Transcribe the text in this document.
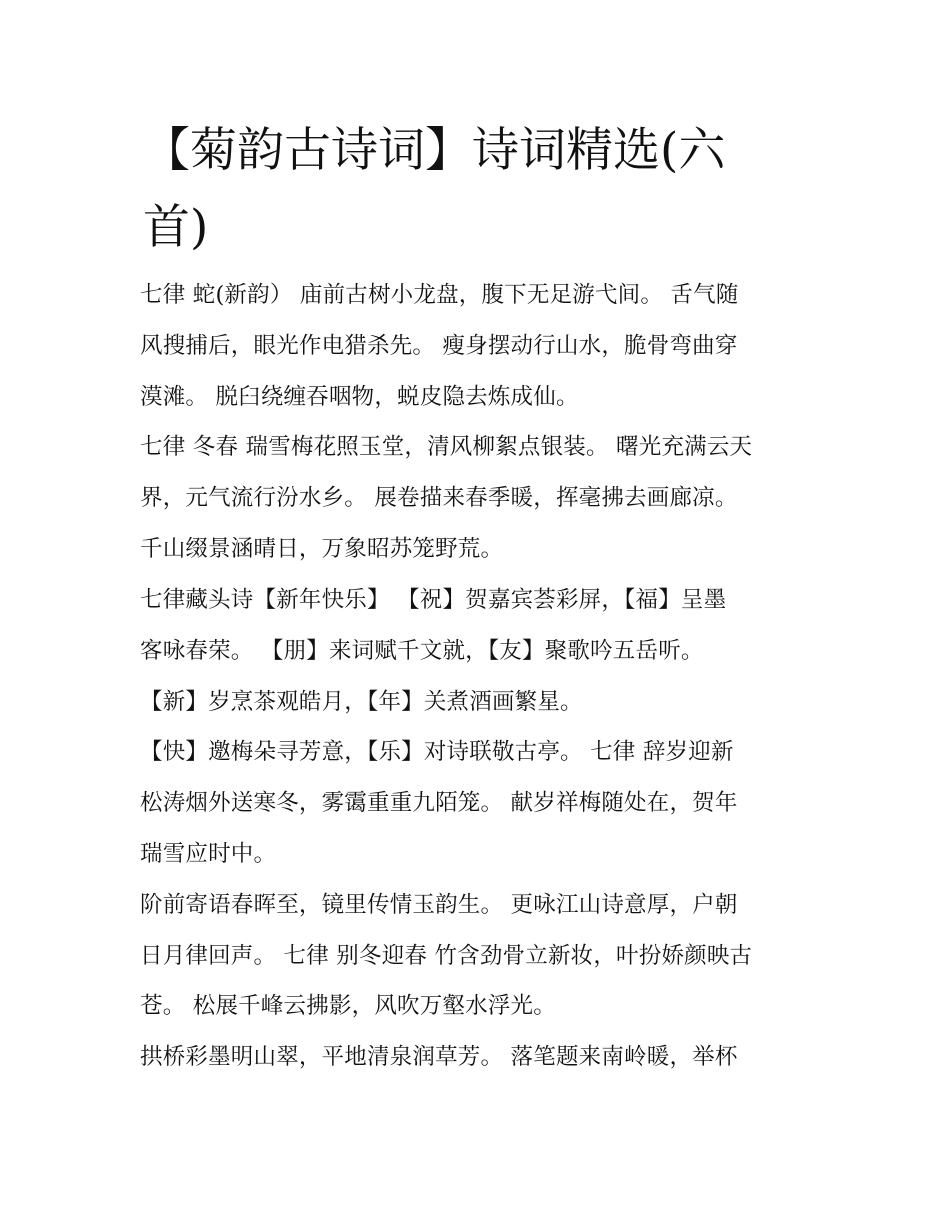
【菊韵古诗词】诗词精选(六
首)
七律 蛇(新韵） 庙前古树小龙盘，腹下无足游弋间。 舌气随
风搜捕后，眼光作电猎杀先。 瘦身摆动行山水，脆骨弯曲穿
漠滩。 脱臼绕缠吞咽物，蜕皮隐去炼成仙。
七律 冬春 瑞雪梅花照玉堂，清风柳絮点银装。 曙光充满云天
界，元气流行汾水乡。 展卷描来春季暖，挥毫拂去画廊凉。
千山缀景涵晴日，万象昭苏笼野荒。
七律藏头诗【新年快乐】 【祝】贺嘉宾荟彩屏，【福】呈墨
客咏春荣。 【朋】来词赋千文就，【友】聚歌吟五岳听。
【新】岁烹茶观皓月，【年】关煮酒画繁星。
【快】邀梅朵寻芳意，【乐】对诗联敬古亭。 七律 辞岁迎新
松涛烟外送寒冬，雾霭重重九陌笼。 献岁祥梅随处在，贺年
瑞雪应时中。
阶前寄语春晖至，镜里传情玉韵生。 更咏江山诗意厚，户朝
日月律回声。 七律 别冬迎春 竹含劲骨立新妆，叶扮娇颜映古
苍。 松展千峰云拂影，风吹万壑水浮光。
拱桥彩墨明山翠，平地清泉润草芳。 落笔题来南岭暖，举杯
